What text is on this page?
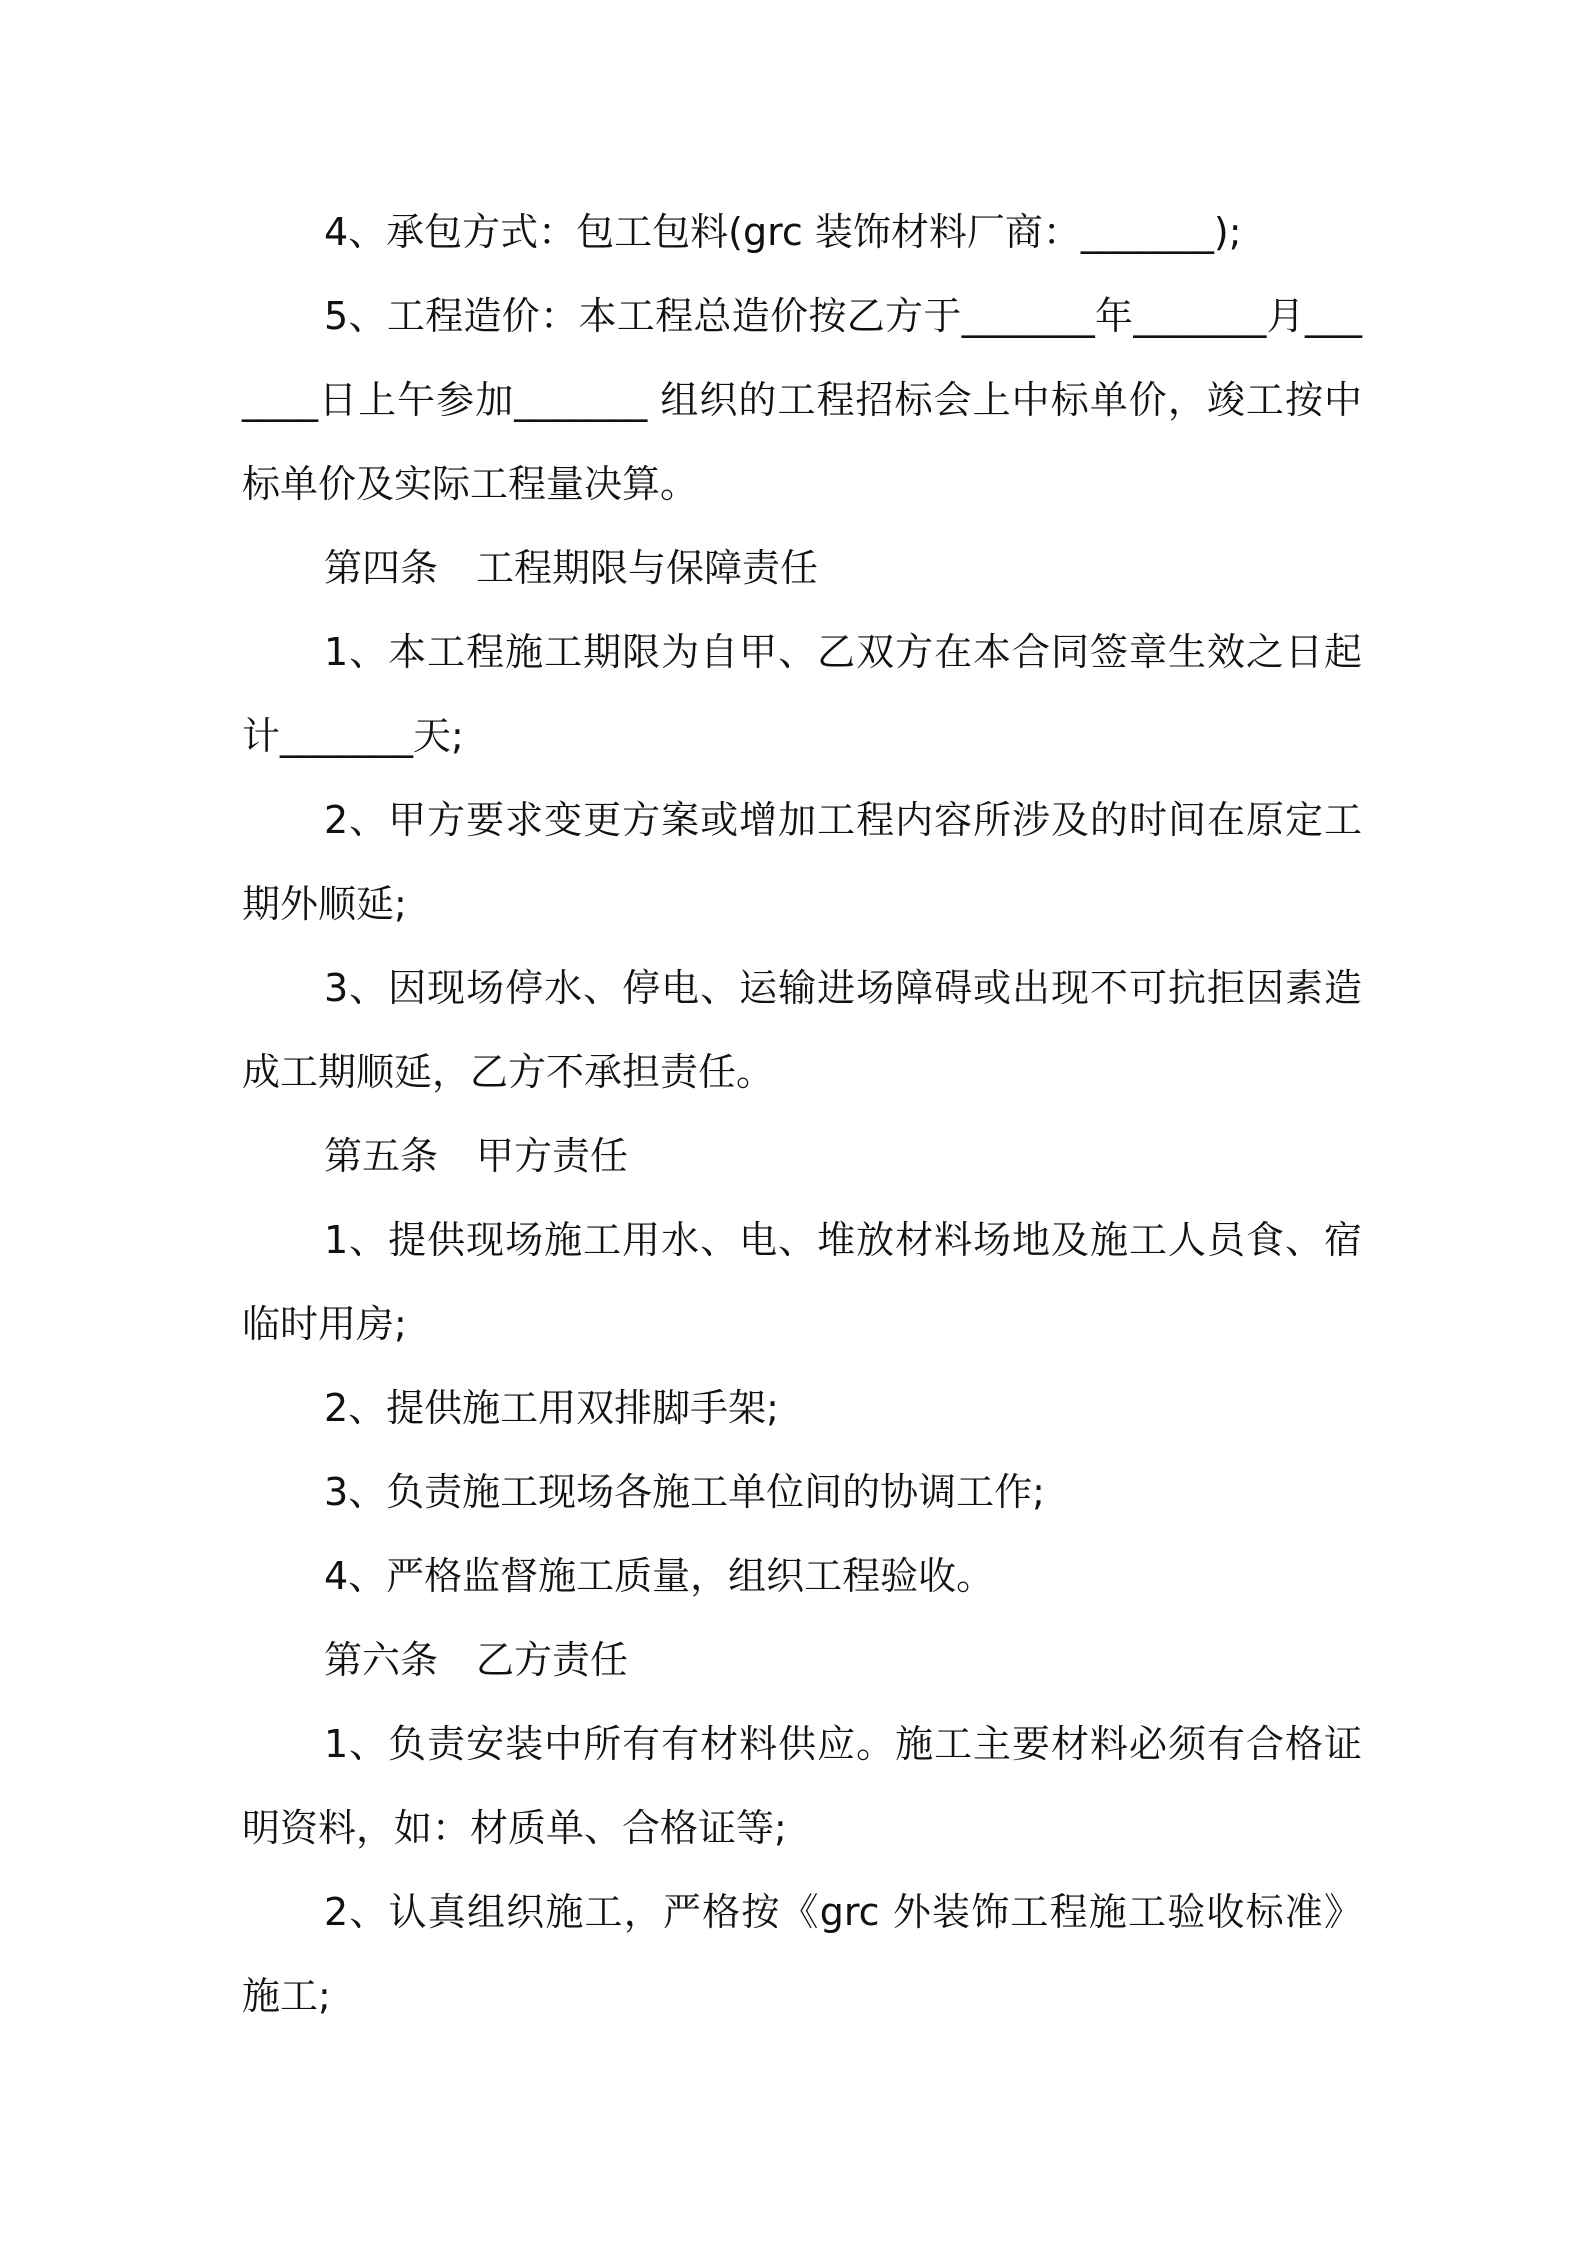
4、承包方式：包工包料(grc 装饰材料厂商：_______);

5、工程造价：本工程总造价按乙方于_______年_______月_______日上午参加_______ 组织的工程招标会上中标单价，竣工按中标单价及实际工程量决算。

第四条　工程期限与保障责任

1、本工程施工期限为自甲、乙双方在本合同签章生效之日起计_______天;

2、甲方要求变更方案或增加工程内容所涉及的时间在原定工期外顺延;

3、因现场停水、停电、运输进场障碍或出现不可抗拒因素造成工期顺延，乙方不承担责任。

第五条　甲方责任

1、提供现场施工用水、电、堆放材料场地及施工人员食、宿临时用房;

2、提供施工用双排脚手架;

3、负责施工现场各施工单位间的协调工作;

4、严格监督施工质量，组织工程验收。

第六条　乙方责任

1、负责安装中所有有材料供应。施工主要材料必须有合格证明资料，如：材质单、合格证等;

2、认真组织施工，严格按《grc 外装饰工程施工验收标准》施工;
